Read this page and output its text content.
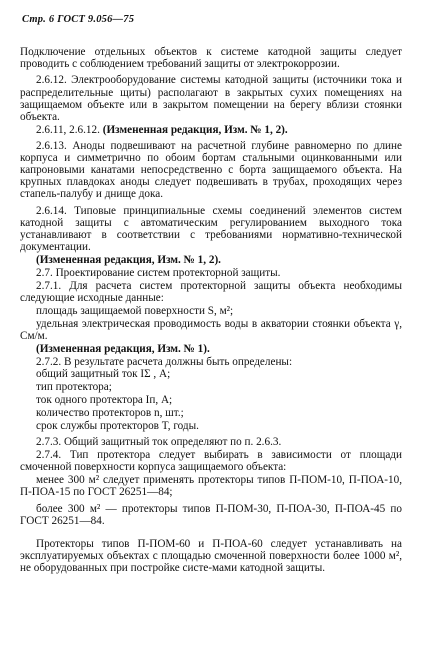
Стр. 6 ГОСТ 9.056—75

Подключение отдельных объектов к системе катодной защиты следует проводить с соблюдением требований защиты от электрокоррозии.

2.6.12. Электрооборудование системы катодной защиты (источники тока и распределительные щиты) располагают в закрытых сухих помещениях на защищаемом объекте или в закрытом помещении на берегу вблизи стоянки объекта.

2.6.11, 2.6.12. (Измененная редакция, Изм. № 1, 2).

2.6.13. Аноды подвешивают на расчетной глубине равномерно по длине корпуса и симметрично по обоим бортам стальными оцинкованными или капроновыми канатами непосредственно с борта защищаемого объекта. На крупных плавдоках аноды следует подвешивать в трубах, проходящих через стапель-палубу и днище дока.

2.6.14. Типовые принципиальные схемы соединений элементов систем катодной защиты с автоматическим регулированием выходного тока устанавливают в соответствии с требованиями нормативно-технической документации.

(Измененная редакция, Изм. № 1, 2).

2.7. Проектирование систем протекторной защиты.

2.7.1. Для расчета систем протекторной защиты объекта необходимы следующие исходные данные:

площадь защищаемой поверхности S, м²;

удельная электрическая проводимость воды в акватории стоянки объекта γ, См/м.

(Измененная редакция, Изм. № 1).

2.7.2. В результате расчета должны быть определены:

общий защитный ток IΣ , А;

тип протектора;

ток одного протектора Iп, А;

количество протекторов n, шт.;

срок службы протекторов T, годы.

2.7.3. Общий защитный ток определяют по п. 2.6.3.

2.7.4. Тип протектора следует выбирать в зависимости от площади смоченной поверхности корпуса защищаемого объекта:

менее 300 м² следует применять протекторы типов П-ПОМ-10, П-ПОА-10, П-ПОА-15 по ГОСТ 26251—84;

более 300 м² — протекторы типов П-ПОМ-30, П-ПОА-30, П-ПОА-45 по ГОСТ 26251—84.

Протекторы типов П-ПОМ-60 и П-ПОА-60 следует устанавливать на эксплуатируемых объектах с площадью смоченной поверхности более 1000 м², не оборудованных при постройке систе-мами катодной защиты.
